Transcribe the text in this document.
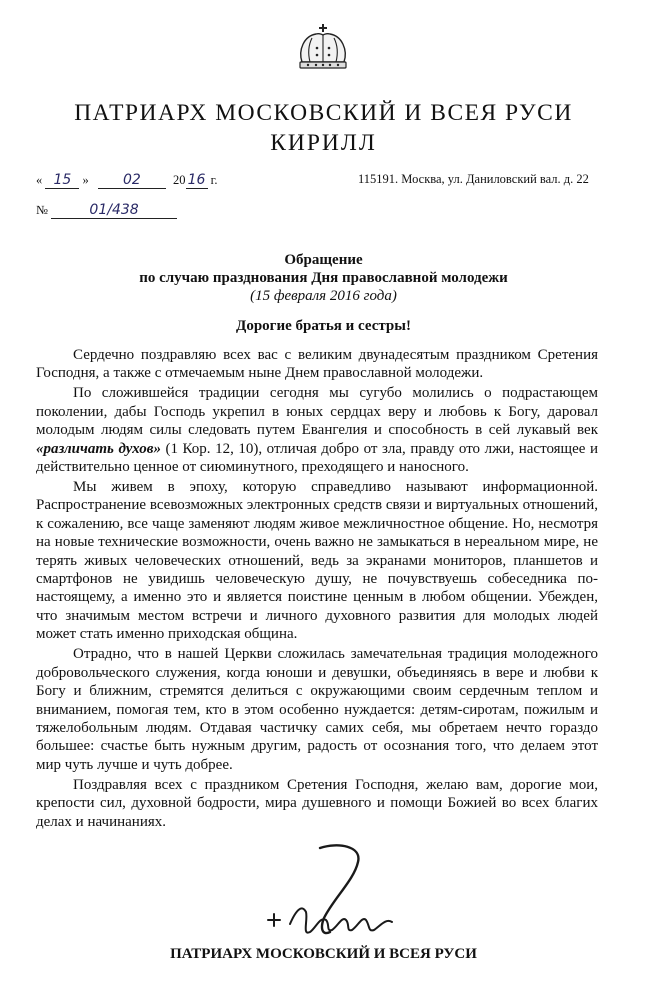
ПАТРИАРХ МОСКОВСКИЙ И ВСЕЯ РУСИ
КИРИЛЛ
« 15 » 02	20 16 г.	115191. Москва, ул. Даниловский вал. д. 22
№	01/438
Обращение
по случаю празднования Дня православной молодежи
(15 февраля 2016 года)
Дорогие братья и сестры!

Сердечно поздравляю всех вас с великим двунадесятым праздником Сретения Господня, а также с отмечаемым ныне Днем православной молодежи.

По сложившейся традиции сегодня мы сугубо молились о подрастающем поколении, дабы Господь укрепил в юных сердцах веру и любовь к Богу, даровал молодым людям силы следовать путем Евангелия и способность в сей лукавый век «различать духов» (1 Кор. 12, 10), отличая добро от зла, правду ото лжи, настоящее и действительно ценное от сиюминутного, преходящего и наносного.

Мы живем в эпоху, которую справедливо называют информационной. Распространение всевозможных электронных средств связи и виртуальных отношений, к сожалению, все чаще заменяют людям живое межличностное общение. Но, несмотря на новые технические возможности, очень важно не замыкаться в нереальном мире, не терять живых человеческих отношений, ведь за экранами мониторов, планшетов и смартфонов не увидишь человеческую душу, не почувствуешь собеседника по-настоящему, а именно это и является поистине ценным в любом общении. Убежден, что значимым местом встречи и личного духовного развития для молодых людей может стать именно приходская община.

Отрадно, что в нашей Церкви сложилась замечательная традиция молодежного добровольческого служения, когда юноши и девушки, объединяясь в вере и любви к Богу и ближним, стремятся делиться с окружающими своим сердечным теплом и вниманием, помогая тем, кто в этом особенно нуждается: детям-сиротам, пожилым и тяжелобольным людям. Отдавая частичку самих себя, мы обретаем нечто гораздо большее: счастье быть нужным другим, радость от осознания того, что делаем этот мир чуть лучше и чуть добрее.

Поздравляя всех с праздником Сретения Господня, желаю вам, дорогие мои, крепости сил, духовной бодрости, мира душевного и помощи Божией во всех благих делах и начинаниях.

ПАТРИАРХ МОСКОВСКИЙ И ВСЕЯ РУСИ
